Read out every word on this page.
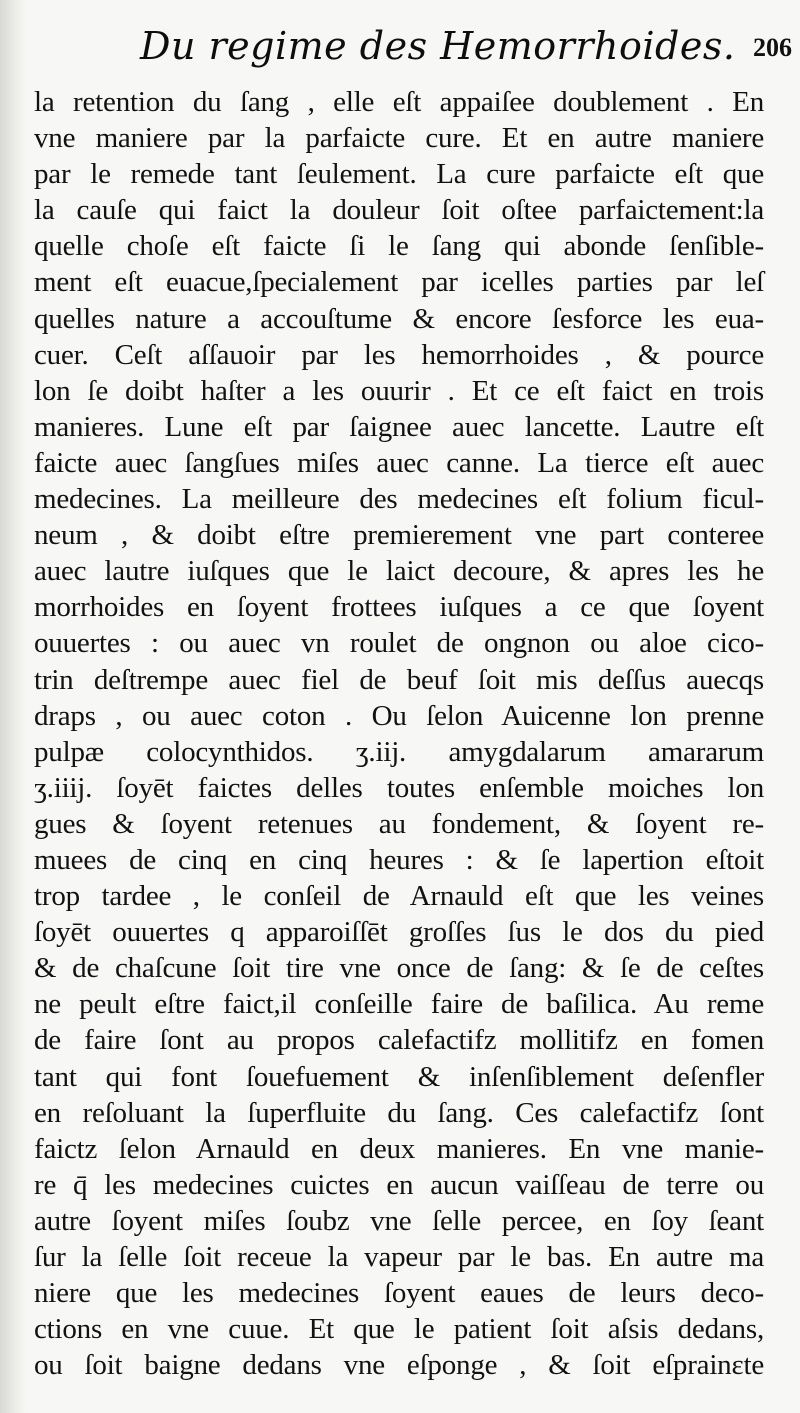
Du regime des Hemorrhoides. 206
la retention du ſang , elle eſt appaiſee doublement . En
vne maniere par la parfaicte cure. Et en autre maniere
par le remede tant ſeulement. La cure parfaicte eſt que
la cauſe qui faict la douleur ſoit oſtee parfaictement:la
quelle choſe eſt faicte ſi le ſang qui abonde ſenſible-
ment eſt euacue,ſpecialement par icelles parties par leſ
quelles nature a accouſtume & encore ſesforce les eua-
cuer. Ceſt aſſauoir par les hemorrhoides , & pource
lon ſe doibt haſter a les ouurir . Et ce eſt faict en trois
manieres. Lune eſt par ſaignee auec lancette. Lautre eſt
faicte auec ſangſues miſes auec canne. La tierce eſt auec
medecines. La meilleure des medecines eſt folium ficul-
neum , & doibt eſtre premierement vne part conteree
auec lautre iuſques que le laict decoure, & apres les he
morrhoides en ſoyent frottees iuſques a ce que ſoyent
ouuertes : ou auec vn roulet de ongnon ou aloe cico-
trin deſtrempe auec fiel de beuf ſoit mis deſſus auecqs
draps , ou auec coton . Ou ſelon Auicenne lon prenne
pulpæ colocynthidos. ʒ.iij. amygdalarum amararum
ʒ.iiij. ſoyēt faictes delles toutes enſemble moiches lon
gues & ſoyent retenues au fondement, & ſoyent re-
muees de cinq en cinq heures : & ſe lapertion eſtoit
trop tardee , le conſeil de Arnauld eſt que les veines
ſoyēt ouuertes q apparoiſſēt groſſes ſus le dos du pied
& de chaſcune ſoit tire vne once de ſang: & ſe de ceſtes
ne peult eſtre faict,il conſeille faire de baſilica. Au reme
de faire ſont au propos calefactifz mollitifz en fomen
tant qui font ſouefuement & inſenſiblement deſenfler
en reſoluant la ſuperfluite du ſang. Ces calefactifz ſont
faictz ſelon Arnauld en deux manieres. En vne manie-
re q̄ les medecines cuictes en aucun vaiſſeau de terre ou
autre ſoyent miſes ſoubz vne ſelle percee, en ſoy ſeant
ſur la ſelle ſoit receue la vapeur par le bas. En autre ma
niere que les medecines ſoyent eaues de leurs deco-
ctions en vne cuue. Et que le patient ſoit aſsis dedans,
ou ſoit baigne dedans vne eſponge , & ſoit eſprainɛte
